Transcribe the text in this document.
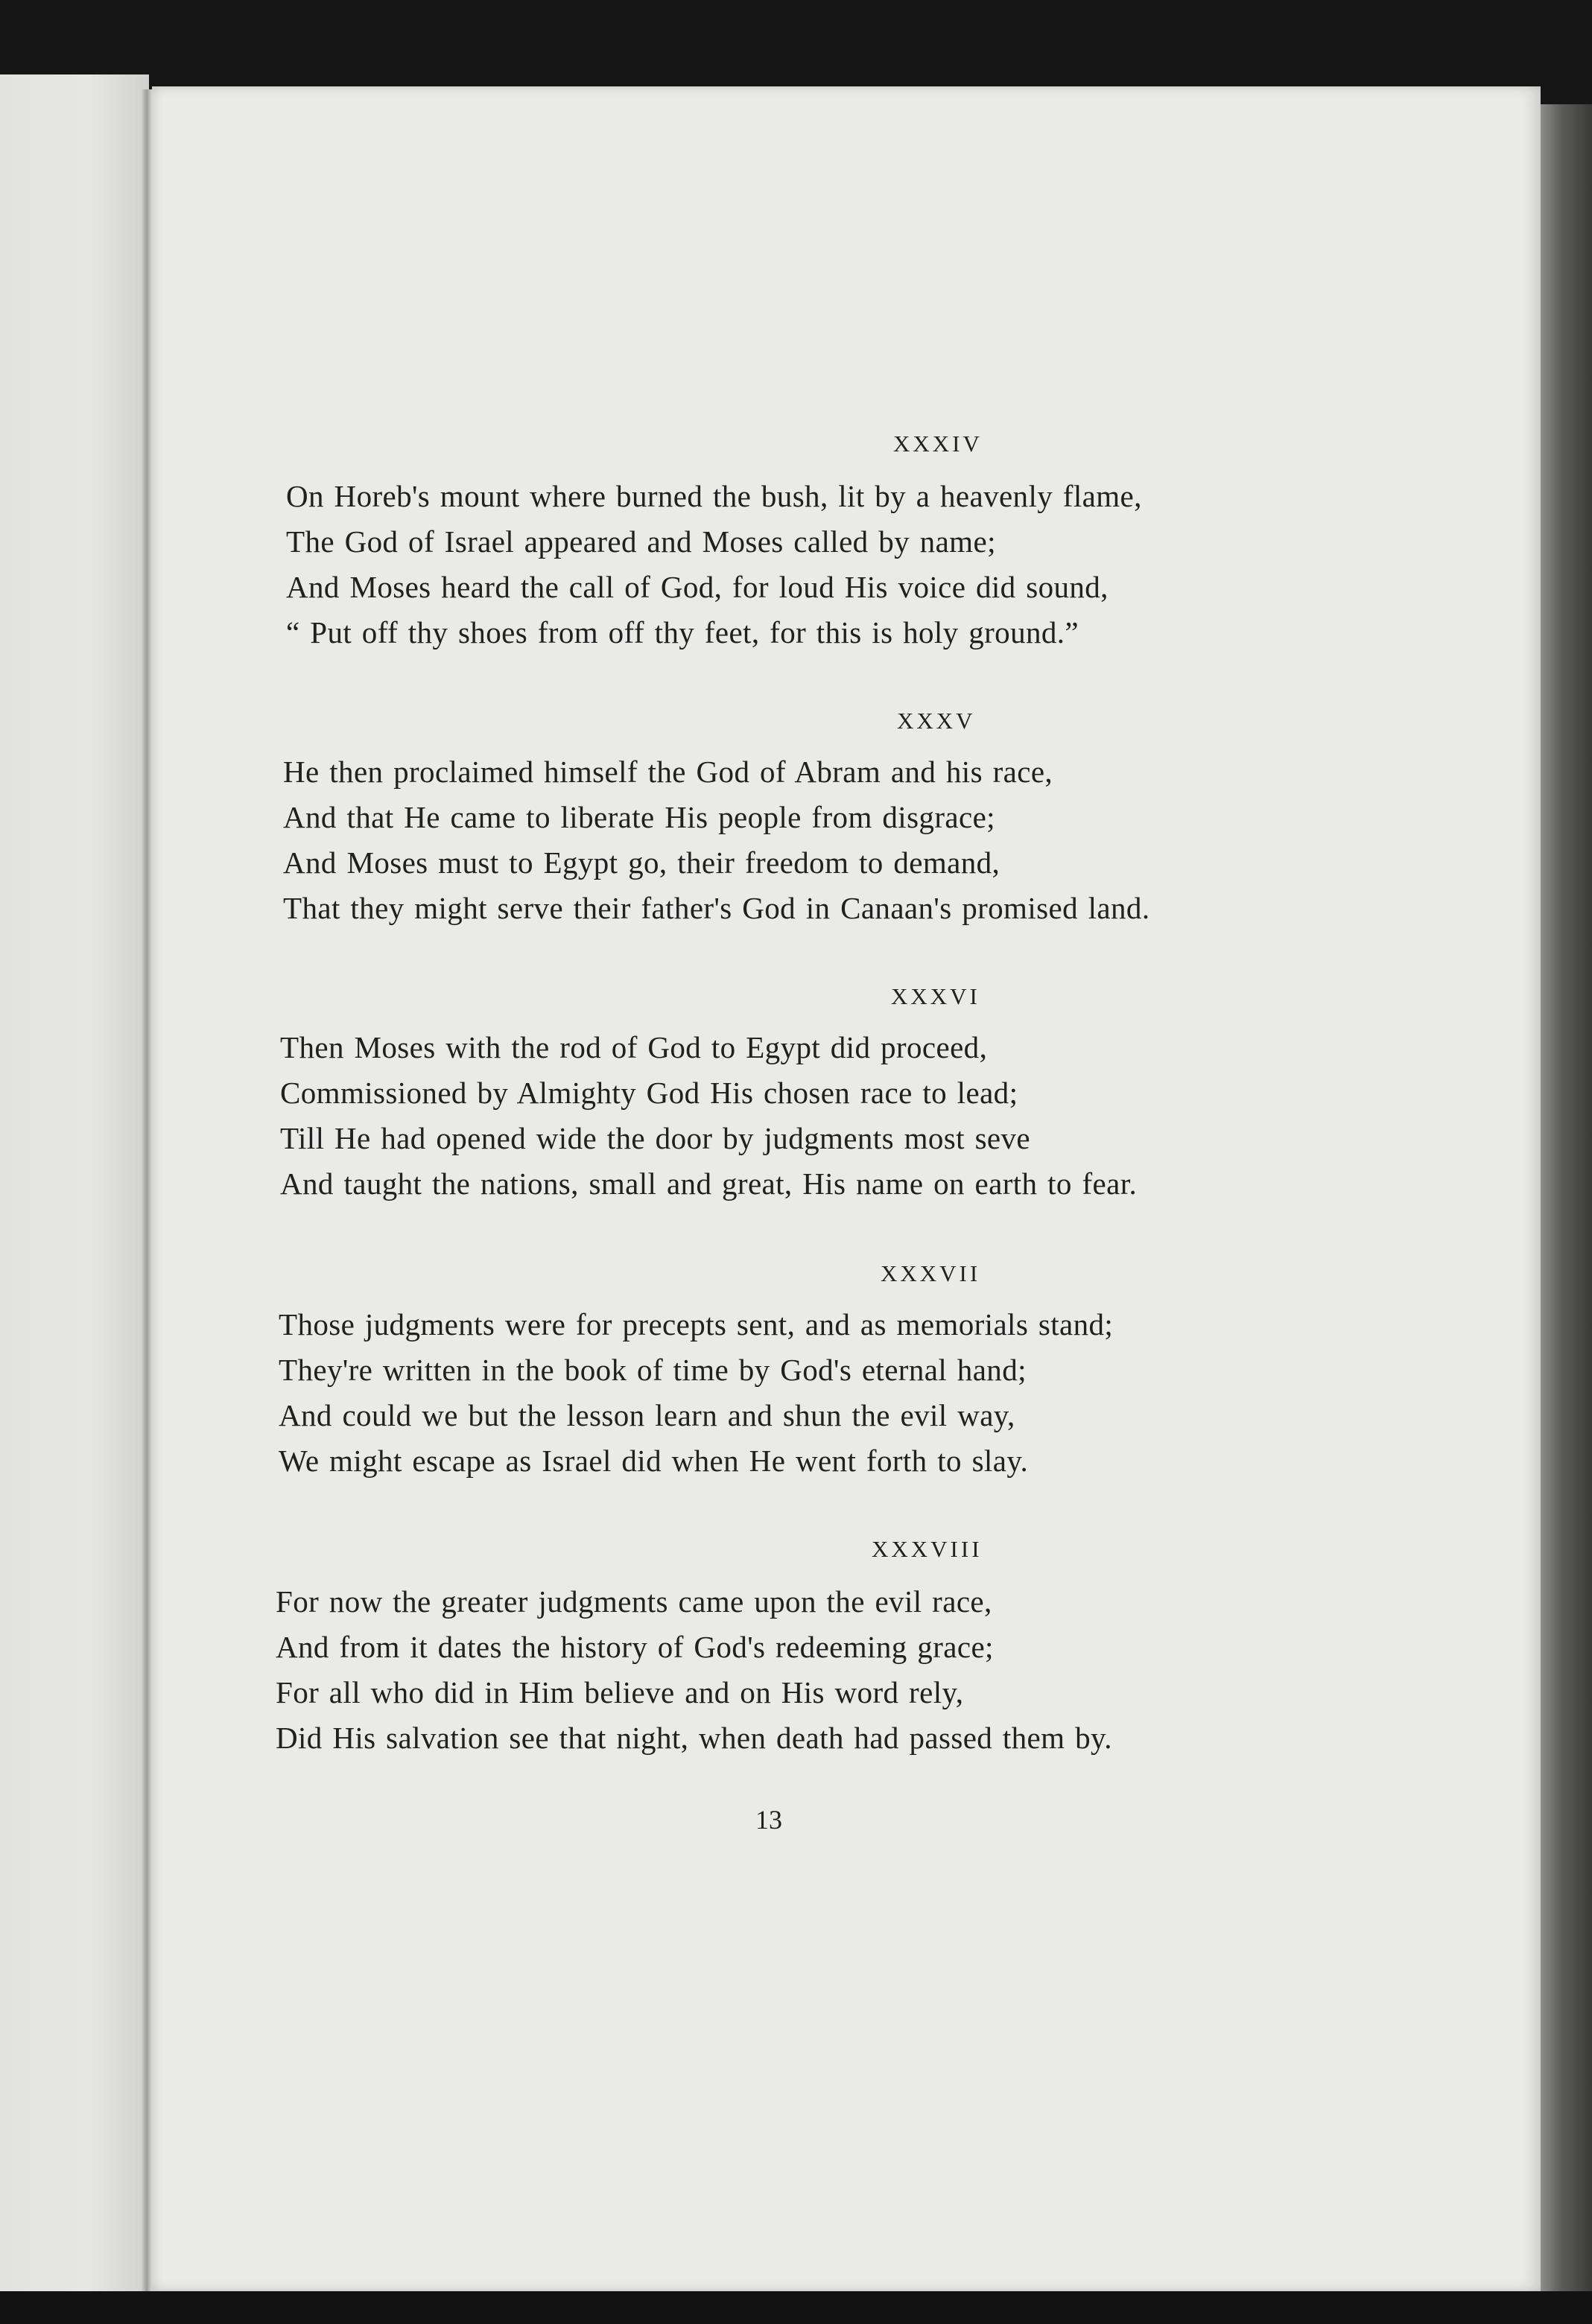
XXXIV
On Horeb's mount where burned the bush, lit by a heavenly flame,
The God of Israel appeared and Moses called by name;
And Moses heard the call of God, for loud His voice did sound,
“ Put off thy shoes from off thy feet, for this is holy ground.”
XXXV
He then proclaimed himself the God of Abram and his race,
And that He came to liberate His people from disgrace;
And Moses must to Egypt go, their freedom to demand,
That they might serve their father's God in Canaan's promised land.
XXXVI
Then Moses with the rod of God to Egypt did proceed,
Commissioned by Almighty God His chosen race to lead;
Till He had opened wide the door by judgments most seve
And taught the nations, small and great, His name on earth to fear.
XXXVII
Those judgments were for precepts sent, and as memorials stand;
They're written in the book of time by God's eternal hand;
And could we but the lesson learn and shun the evil way,
We might escape as Israel did when He went forth to slay.
XXXVIII
For now the greater judgments came upon the evil race,
And from it dates the history of God's redeeming grace;
For all who did in Him believe and on His word rely,
Did His salvation see that night, when death had passed them by.
13
